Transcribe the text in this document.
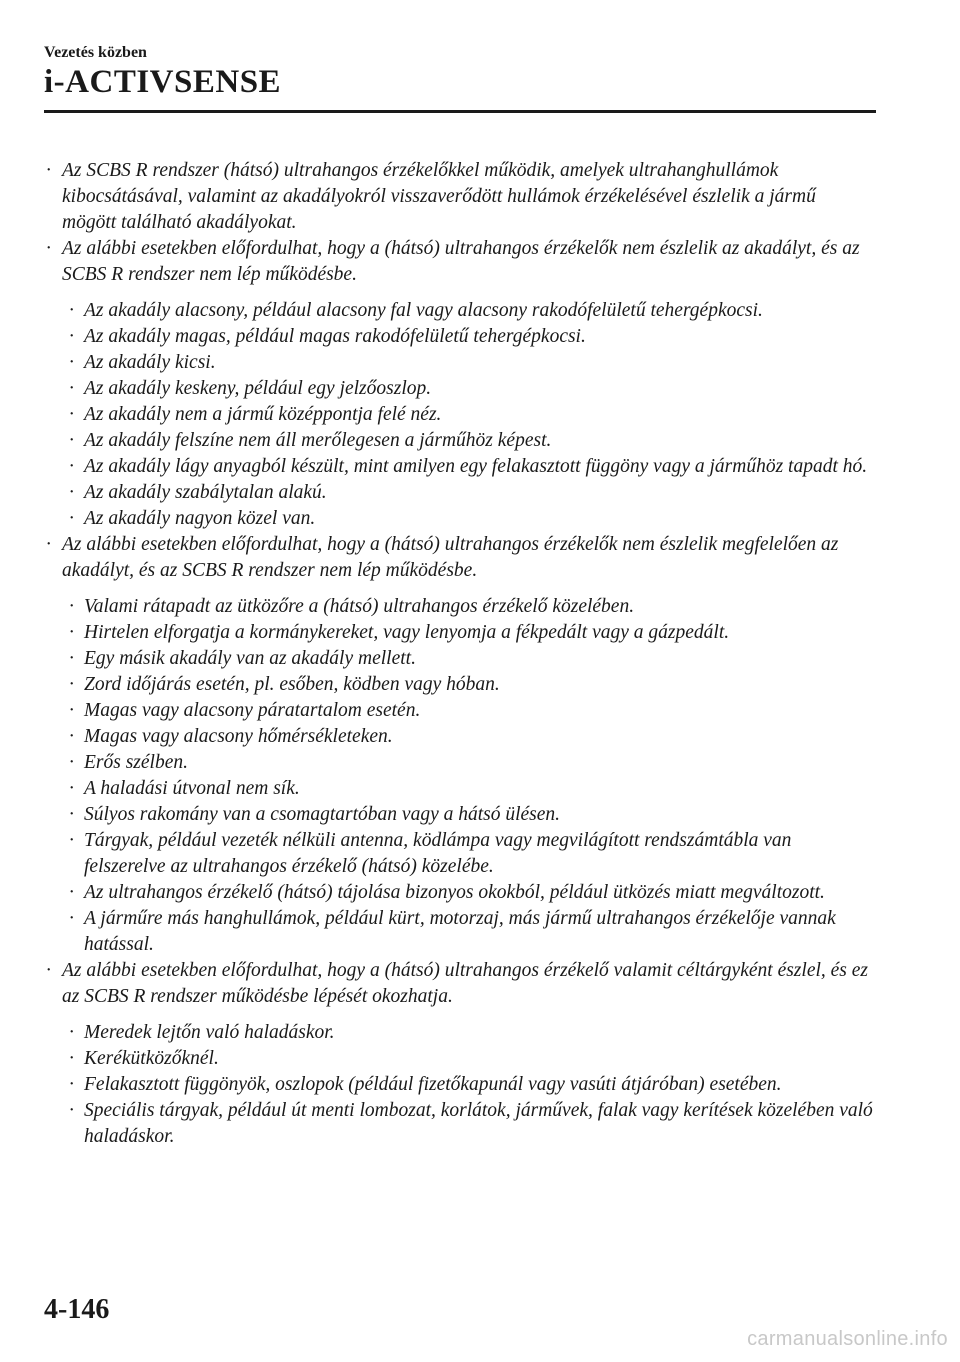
Vezetés közben
i-ACTIVSENSE
· Az SCBS R rendszer (hátsó) ultrahangos érzékelőkkel működik, amelyek ultrahanghullámok kibocsátásával, valamint az akadályokról visszaverődött hullámok érzékelésével észlelik a jármű mögött található akadályokat.
· Az alábbi esetekben előfordulhat, hogy a (hátsó) ultrahangos érzékelők nem észlelik az akadályt, és az SCBS R rendszer nem lép működésbe.
· Az akadály alacsony, például alacsony fal vagy alacsony rakodófelületű tehergépkocsi.
· Az akadály magas, például magas rakodófelületű tehergépkocsi.
· Az akadály kicsi.
· Az akadály keskeny, például egy jelzőoszlop.
· Az akadály nem a jármű középpontja felé néz.
· Az akadály felszíne nem áll merőlegesen a járműhöz képest.
· Az akadály lágy anyagból készült, mint amilyen egy felakasztott függöny vagy a járműhöz tapadt hó.
· Az akadály szabálytalan alakú.
· Az akadály nagyon közel van.
· Az alábbi esetekben előfordulhat, hogy a (hátsó) ultrahangos érzékelők nem észlelik megfelelően az akadályt, és az SCBS R rendszer nem lép működésbe.
· Valami rátapadt az ütközőre a (hátsó) ultrahangos érzékelő közelében.
· Hirtelen elforgatja a kormánykereket, vagy lenyomja a fékpedált vagy a gázpedált.
· Egy másik akadály van az akadály mellett.
· Zord időjárás esetén, pl. esőben, ködben vagy hóban.
· Magas vagy alacsony páratartalom esetén.
· Magas vagy alacsony hőmérsékleteken.
· Erős szélben.
· A haladási útvonal nem sík.
· Súlyos rakomány van a csomagtartóban vagy a hátsó ülésen.
· Tárgyak, például vezeték nélküli antenna, ködlámpa vagy megvilágított rendszámtábla van felszerelve az ultrahangos érzékelő (hátsó) közelébe.
· Az ultrahangos érzékelő (hátsó) tájolása bizonyos okokból, például ütközés miatt megváltozott.
· A járműre más hanghullámok, például kürt, motorzaj, más jármű ultrahangos érzékelője vannak hatással.
· Az alábbi esetekben előfordulhat, hogy a (hátsó) ultrahangos érzékelő valamit céltárgyként észlel, és ez az SCBS R rendszer működésbe lépését okozhatja.
· Meredek lejtőn való haladáskor.
· Kerékütközőknél.
· Felakasztott függönyök, oszlopok (például fizetőkapunál vagy vasúti átjáróban) esetében.
· Speciális tárgyak, például út menti lombozat, korlátok, járművek, falak vagy kerítések közelében való haladáskor.
4-146
carmanualsonline.info
